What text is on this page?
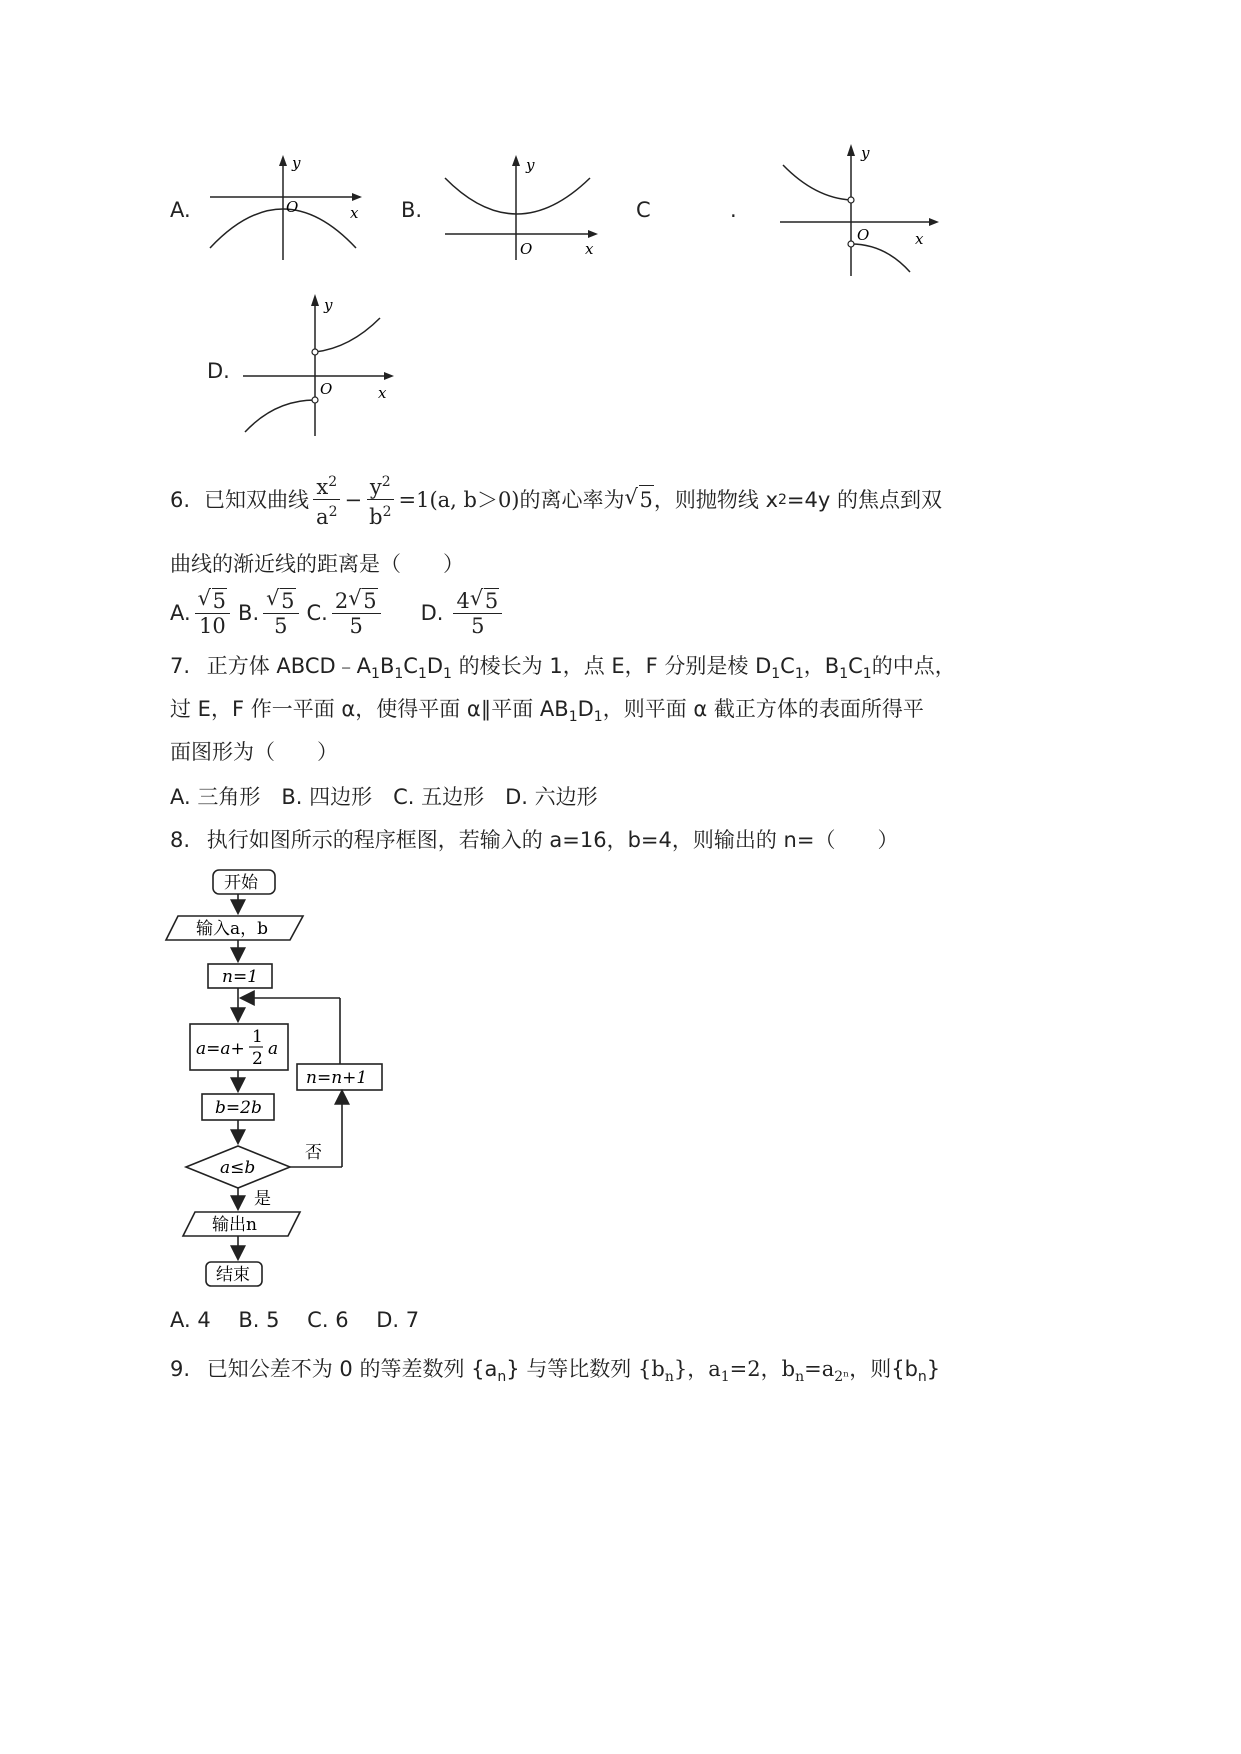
A.
y
x
O	B.
y
x
O
C	.
y
x
O
D.
y
x
O
6. 已知双曲线 $\frac{x^2}{a^2} - \frac{y^2}{b^2} =1(a$, b＞0) 的离心率为 √ 5 ，则抛物线 x 2 =4y 的焦点到双
曲线的渐近线的距离是（　　）
A. √ $\frac{5}{10} B$. √ $\frac{5}{5} C$. $\frac{2 √ 5}{5} D$. $\frac{4 √ 5}{5}$
7. 正方体 $ABCD﹣A_1B_1C_1D_1$ 的棱长为 1，点 E，F 分别是棱 $D_1C_1$，$B_1C_1$的中点，
过 E，F 作一平面 α，使得平面 α∥平面 $AB_1D_1$，则平面 α 截正方体的表面所得平
面图形为（　　）
A. 三角形　B. 四边形　C. 五边形　D. 六边形
8. 执行如图所示的程序框图，若输入的 a=16，b=4，则输出的 n=（　　）
开始
输入a，b
n=1
a=a+
1
2 a
b=2b
a≤b
否
是
n=n+1
输出n
结束
A. 4　 B. 5　 C. 6　 D. 7
9. 已知公差不为 0 的等差数列 $\{a_n\}$ 与等比数列 $\{b_n\}$，$a_1=2$，$b_n=a_{2^n}$，则$\{b_n\}$
